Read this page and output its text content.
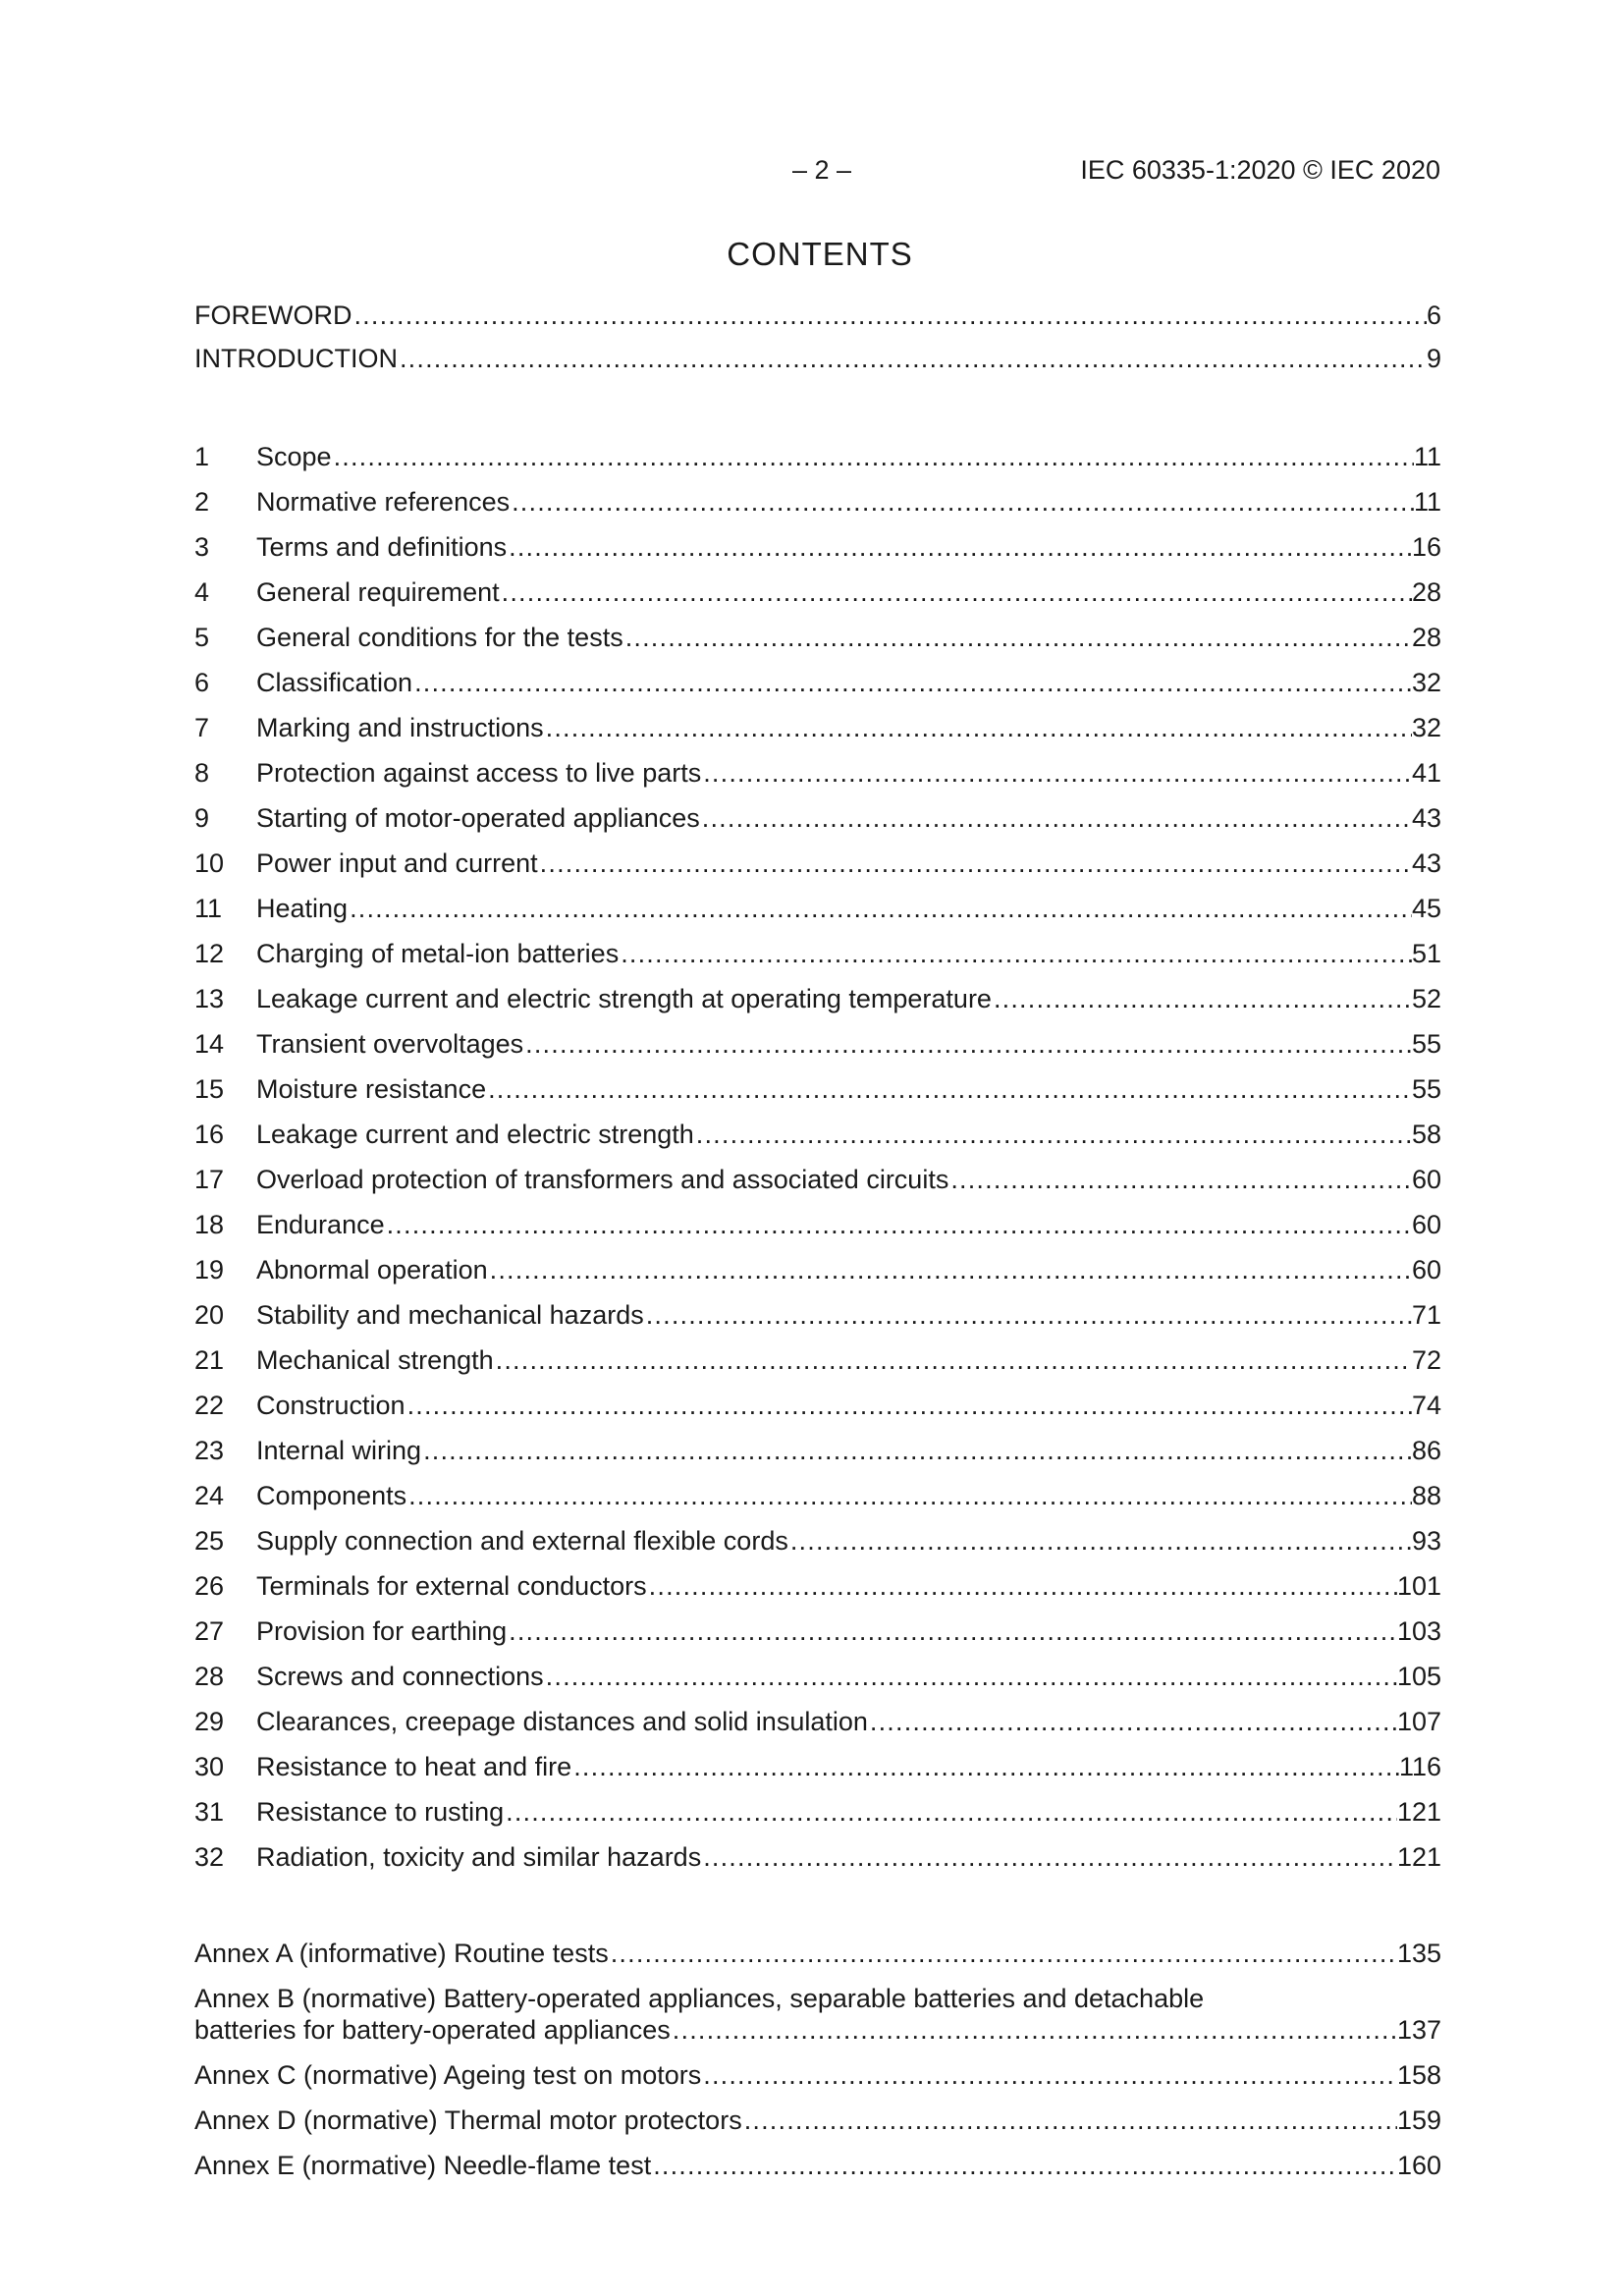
– 2 –	IEC 60335-1:2020 © IEC 2020
CONTENTS
FOREWORD .....	6
INTRODUCTION .....	9
1	Scope .....	11
2	Normative references .....	11
3	Terms and definitions .....	16
4	General requirement .....	28
5	General conditions for the tests .....	28
6	Classification .....	32
7	Marking and instructions .....	32
8	Protection against access to live parts .....	41
9	Starting of motor-operated appliances .....	43
10	Power input and current .....	43
11	Heating .....	45
12	Charging of metal-ion batteries .....	51
13	Leakage current and electric strength at operating temperature .....	52
14	Transient overvoltages .....	55
15	Moisture resistance .....	55
16	Leakage current and electric strength .....	58
17	Overload protection of transformers and associated circuits .....	60
18	Endurance .....	60
19	Abnormal operation .....	60
20	Stability and mechanical hazards .....	71
21	Mechanical strength .....	72
22	Construction .....	74
23	Internal wiring .....	86
24	Components .....	88
25	Supply connection and external flexible cords .....	93
26	Terminals for external conductors .....	101
27	Provision for earthing .....	103
28	Screws and connections .....	105
29	Clearances, creepage distances and solid insulation .....	107
30	Resistance to heat and fire .....	116
31	Resistance to rusting .....	121
32	Radiation, toxicity and similar hazards .....	121
Annex A (informative) Routine tests .....	135
Annex B (normative) Battery-operated appliances, separable batteries and detachable
batteries for battery-operated appliances .....	137
Annex C (normative) Ageing test on motors .....	158
Annex D (normative) Thermal motor protectors .....	159
Annex E (normative) Needle-flame test .....	160
